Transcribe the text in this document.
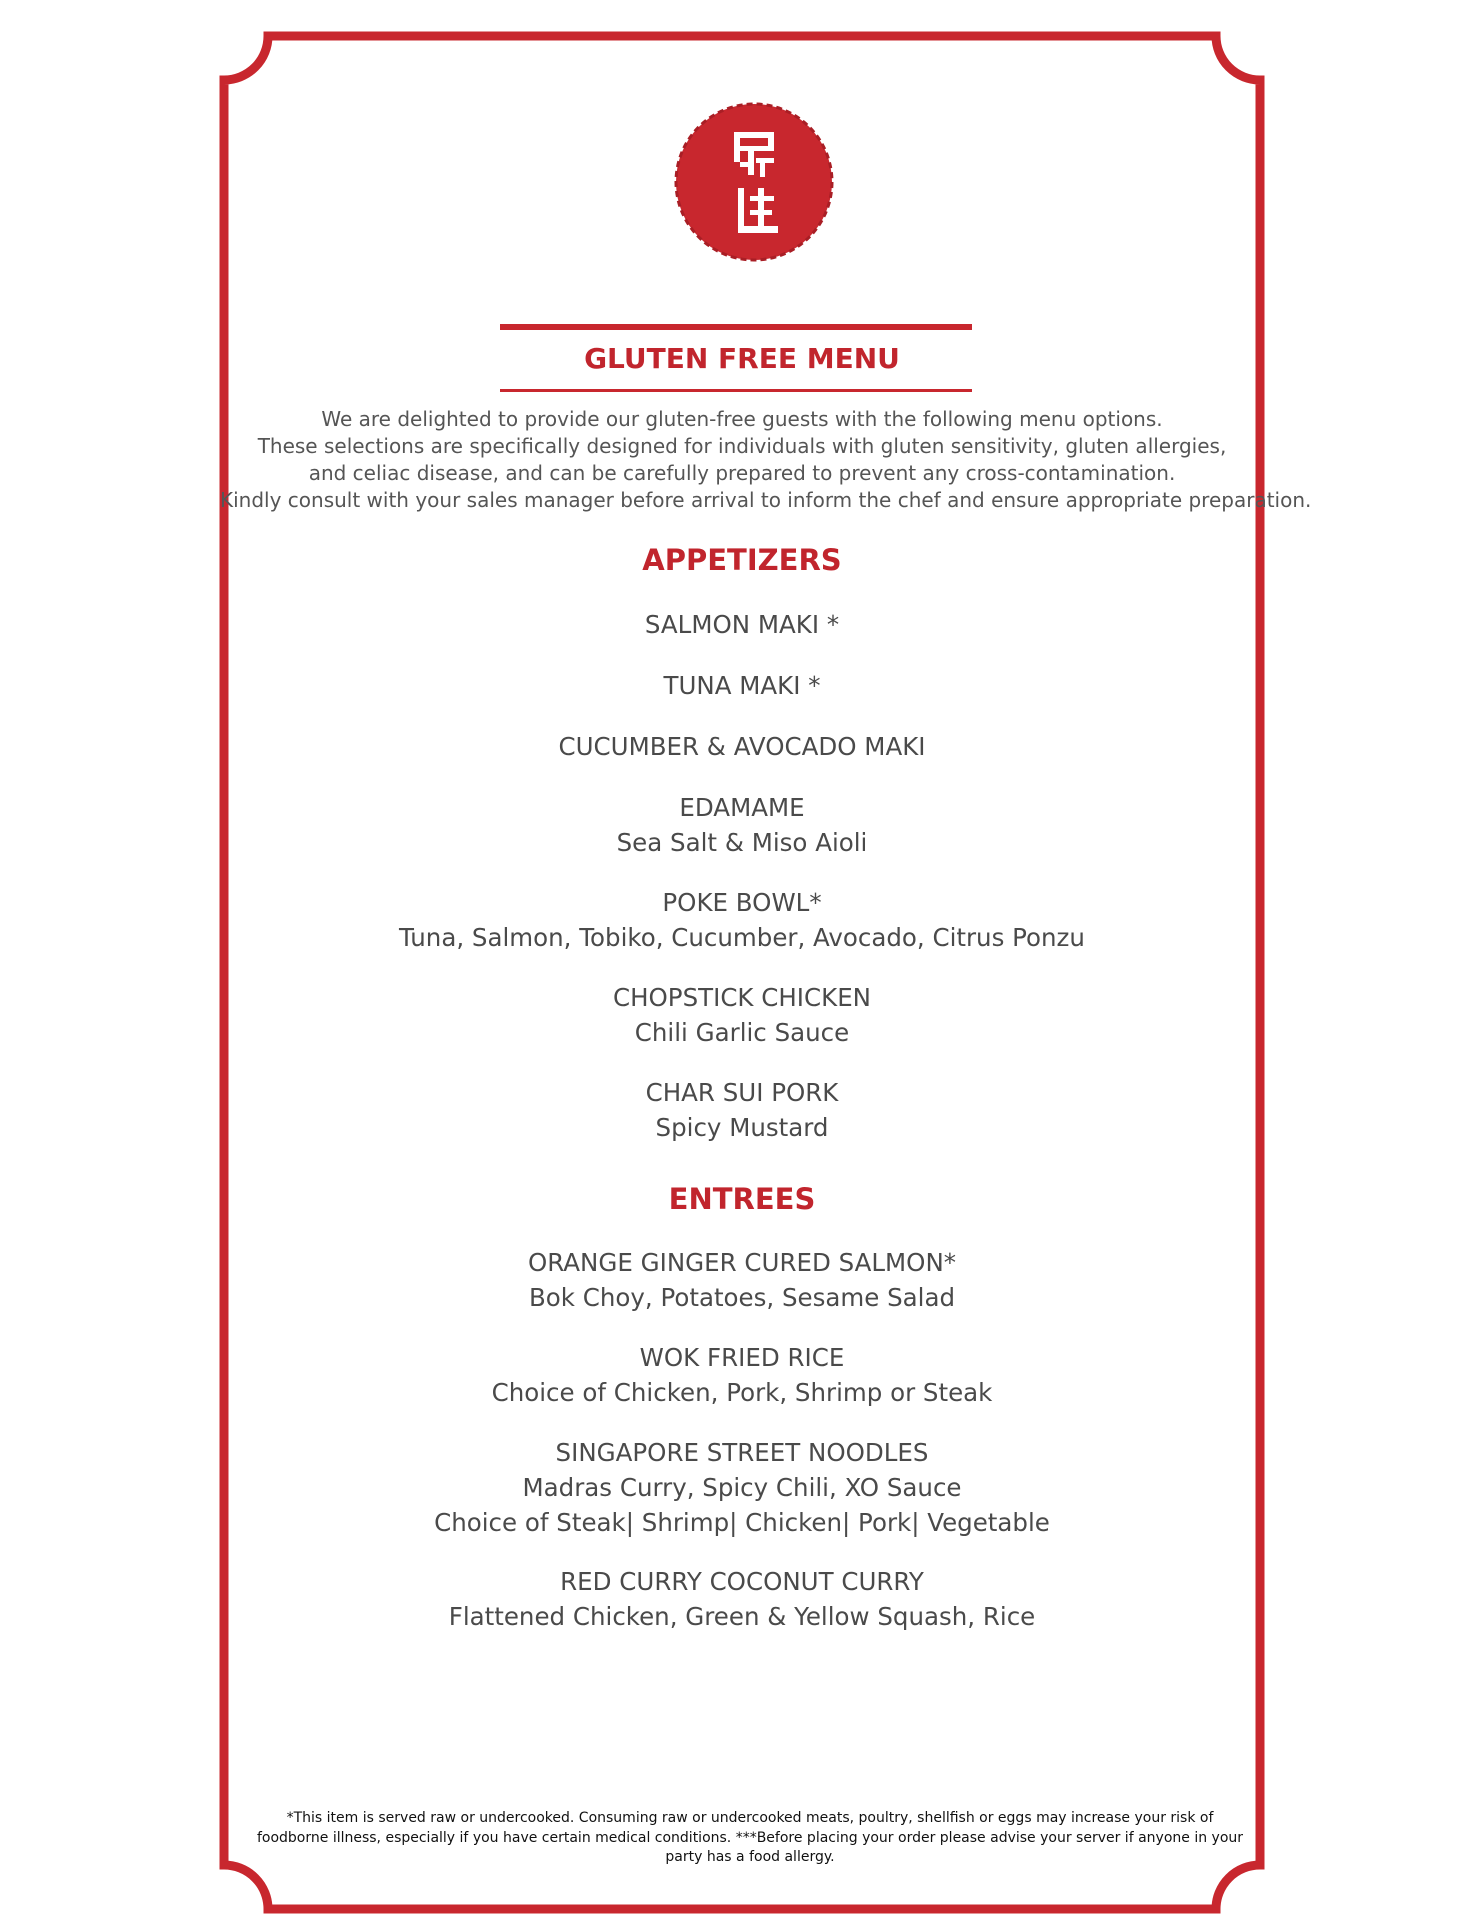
GLUTEN FREE MENU
We are delighted to provide our gluten-free guests with the following menu options.
These selections are specifically designed for individuals with gluten sensitivity, gluten allergies,
and celiac disease, and can be carefully prepared to prevent any cross-contamination.
Kindly consult with your sales manager before arrival to inform the chef and ensure appropriate preparation.
APPETIZERS
SALMON MAKI *
TUNA MAKI *
CUCUMBER & AVOCADO MAKI
EDAMAME
Sea Salt & Miso Aioli
POKE BOWL*
Tuna, Salmon, Tobiko, Cucumber, Avocado, Citrus Ponzu
CHOPSTICK CHICKEN
Chili Garlic Sauce
CHAR SUI PORK
Spicy Mustard
ENTREES
ORANGE GINGER CURED SALMON*
Bok Choy, Potatoes, Sesame Salad
WOK FRIED RICE
Choice of Chicken, Pork, Shrimp or Steak
SINGAPORE STREET NOODLES
Madras Curry, Spicy Chili, XO Sauce
Choice of Steak| Shrimp| Chicken| Pork| Vegetable
RED CURRY COCONUT CURRY
Flattened Chicken, Green & Yellow Squash, Rice
*This item is served raw or undercooked. Consuming raw or undercooked meats, poultry, shellfish or eggs may increase your risk of foodborne illness, especially if you have certain medical conditions. ***Before placing your order please advise your server if anyone in your party has a food allergy.
